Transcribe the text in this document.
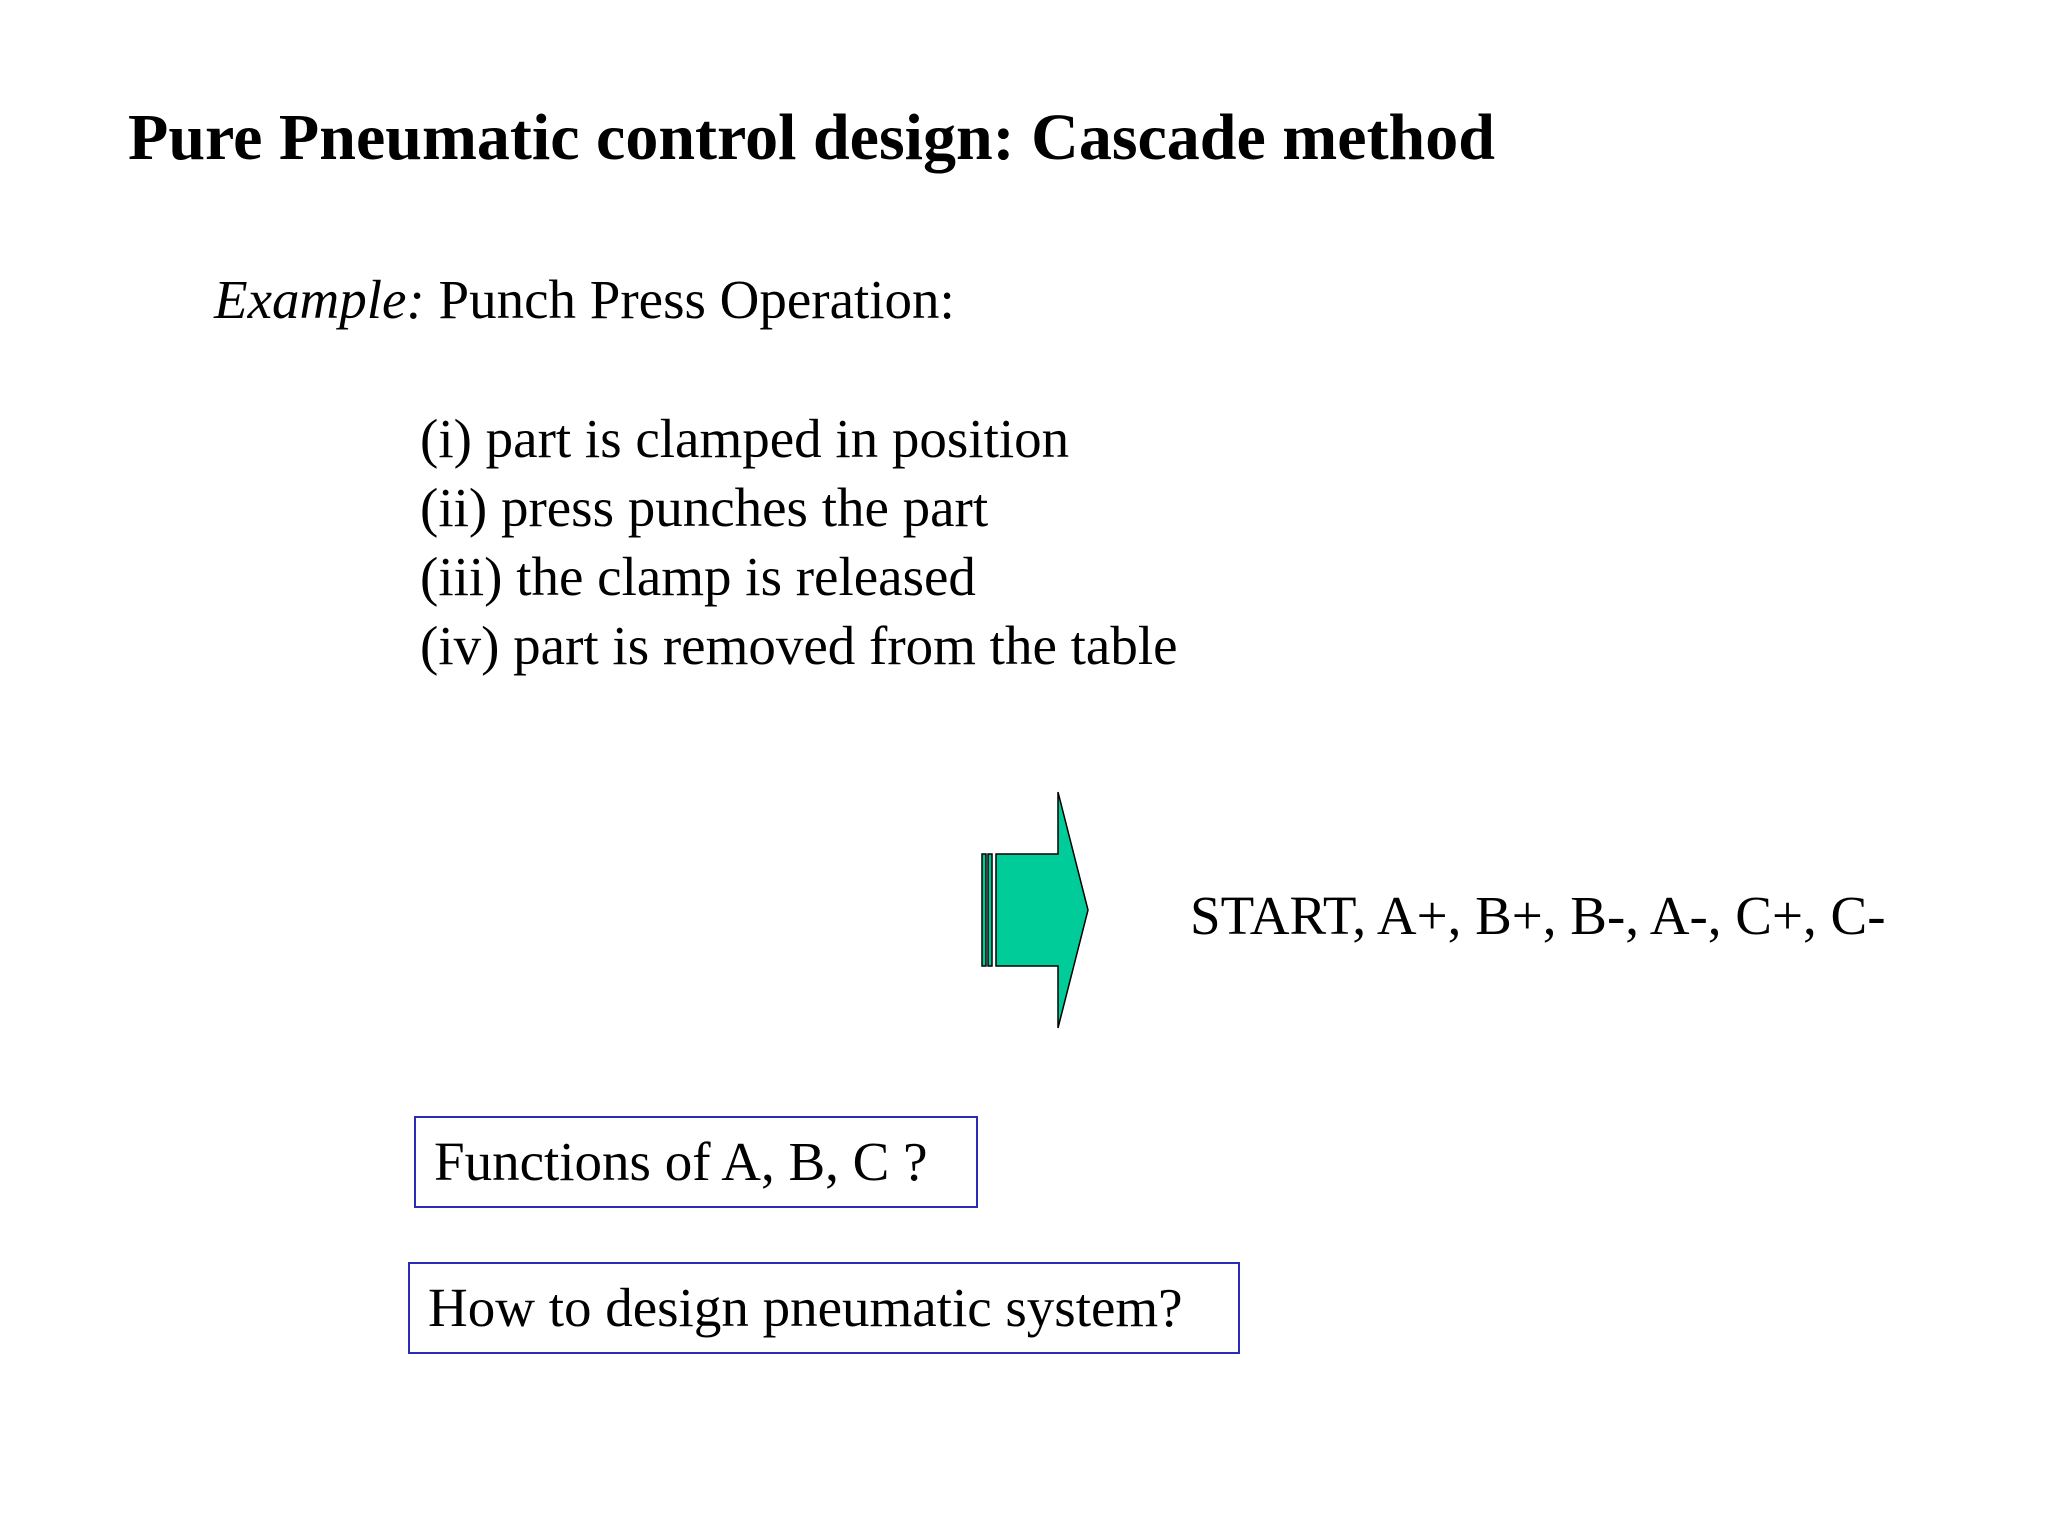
Pure Pneumatic control design: Cascade method
Example: Punch Press Operation:
(i) part is clamped in position
(ii) press punches the part
(iii) the clamp is released
(iv) part is removed from the table
START, A+, B+, B-, A-, C+, C-
Functions of A, B, C ?
How to design pneumatic system?
